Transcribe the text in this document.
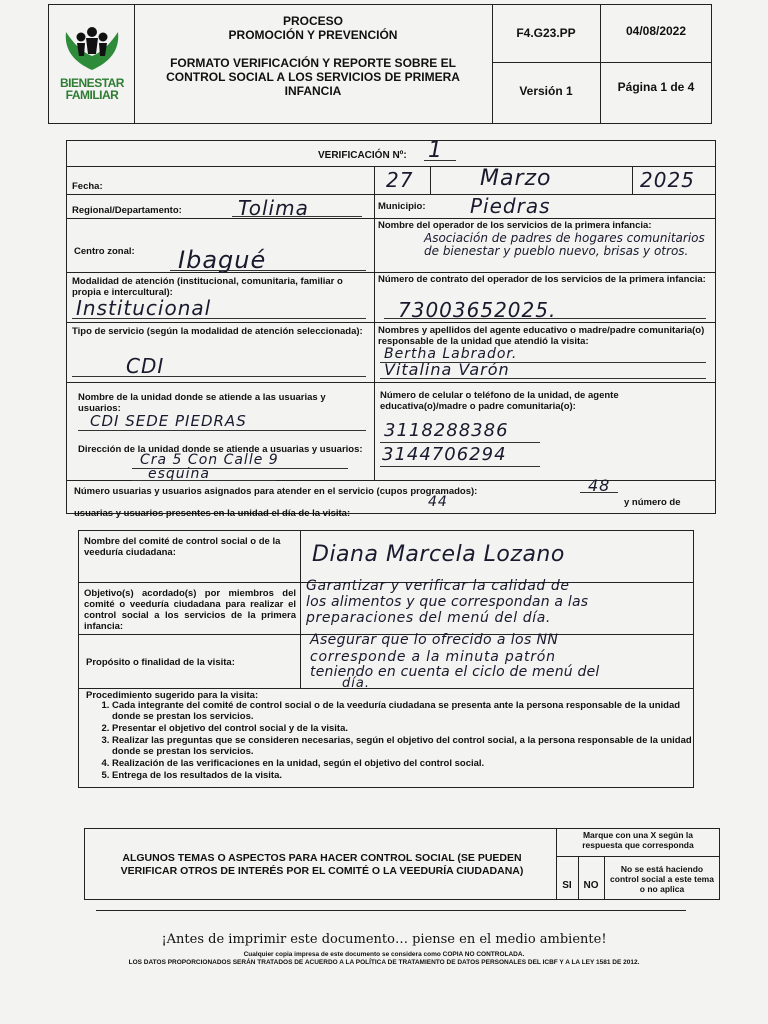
BIENESTAR
FAMILIAR
PROCESO
PROMOCIÓN Y PREVENCIÓN
FORMATO VERIFICACIÓN Y REPORTE SOBRE EL CONTROL SOCIAL A LOS SERVICIOS DE PRIMERA INFANCIA
F4.G23.PP	04/08/2022
Versión 1	Página 1 de 4
VERIFICACIÓN Nº: 1
Fecha:	27	Marzo	2025
Regional/Departamento:	Tolima	Municipio: Piedras
Centro zonal: Ibagué
Nombre del operador de los servicios de la primera infancia:
Asociación de padres de hogares comunitarios de bienestar y pueblo nuevo, brisas y otros.
Modalidad de atención (institucional, comunitaria, familiar o propia e intercultural):
Institucional
Número de contrato del operador de los servicios de la primera infancia:
73003652025.
Tipo de servicio (según la modalidad de atención seleccionada):
CDI
Nombres y apellidos del agente educativo o madre/padre comunitaria(o) responsable de la unidad que atendió la visita:
Bertha Labrador.
Vitalina Varón
Nombre de la unidad donde se atiende a las usuarias y usuarios:
CDI SEDE PIEDRAS
Número de celular o teléfono de la unidad, de agente educativa(o)/madre o padre comunitaria(o):
3118288386
3144706294
Dirección de la unidad donde se atiende a usuarias y usuarios:
Cra 5 Con Calle 9
esquina
Número usuarias y usuarios asignados para atender en el servicio (cupos programados):	48
y número de usuarias y usuarios presentes en la unidad el día de la visita:
44
Nombre del comité de control social o de la veeduría ciudadana:	Diana Marcela Lozano
Objetivo(s) acordado(s) por miembros del comité o veeduría ciudadana para realizar el control social a los servicios de la primera infancia:
Garantizar y verificar la calidad de
los alimentos y que correspondan a las
preparaciones del menú del día.
Propósito o finalidad de la visita:
Asegurar que lo ofrecido a los NN
corresponde a la minuta patrón
teniendo en cuenta el ciclo de menú del
día.
Procedimiento sugerido para la visita:
1. Cada integrante del comité de control social o de la veeduría ciudadana se presenta ante la persona responsable de la unidad donde se prestan los servicios.
2. Presentar el objetivo del control social y de la visita.
3. Realizar las preguntas que se consideren necesarias, según el objetivo del control social, a la persona responsable de la unidad donde se prestan los servicios.
4. Realización de las verificaciones en la unidad, según el objetivo del control social.
5. Entrega de los resultados de la visita.
ALGUNOS TEMAS O ASPECTOS PARA HACER CONTROL SOCIAL (SE PUEDEN VERIFICAR OTROS DE INTERÉS POR EL COMITÉ O LA VEEDURÍA CIUDADANA)
Marque con una X según la respuesta que corresponda
SI	NO
No se está haciendo control social a este tema o no aplica
¡Antes de imprimir este documento… piense en el medio ambiente!
Cualquier copia impresa de este documento se considera como COPIA NO CONTROLADA.
LOS DATOS PROPORCIONADOS SERÁN TRATADOS DE ACUERDO A LA POLÍTICA DE TRATAMIENTO DE DATOS PERSONALES DEL ICBF Y A LA LEY 1581 DE 2012.
